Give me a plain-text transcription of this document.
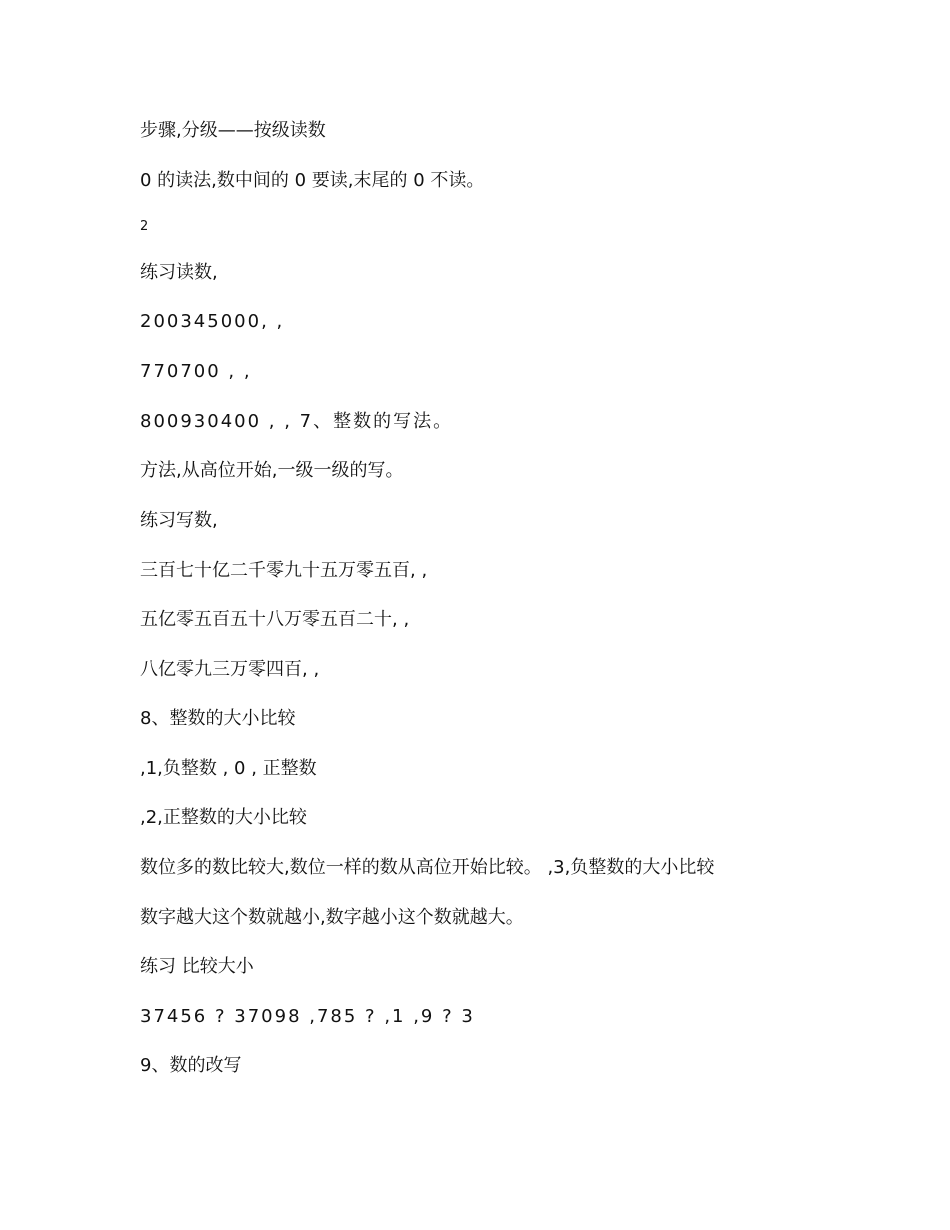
步骤,分级——按级读数
0 的读法,数中间的 0 要读,末尾的 0 不读。
2
练习读数,
200345000, ,
770700 , ,
800930400 , , 7、整数的写法。
方法,从高位开始,一级一级的写。
练习写数,
三百七十亿二千零九十五万零五百, ,
五亿零五百五十八万零五百二十, ,
八亿零九三万零四百, ,
8、整数的大小比较
,1,负整数 , 0 , 正整数
,2,正整数的大小比较
数位多的数比较大,数位一样的数从高位开始比较。 ,3,负整数的大小比较
数字越大这个数就越小,数字越小这个数就越大。
练习 比较大小
37456 ? 37098 ,785 ? ,1 ,9 ? 3
9、数的改写
